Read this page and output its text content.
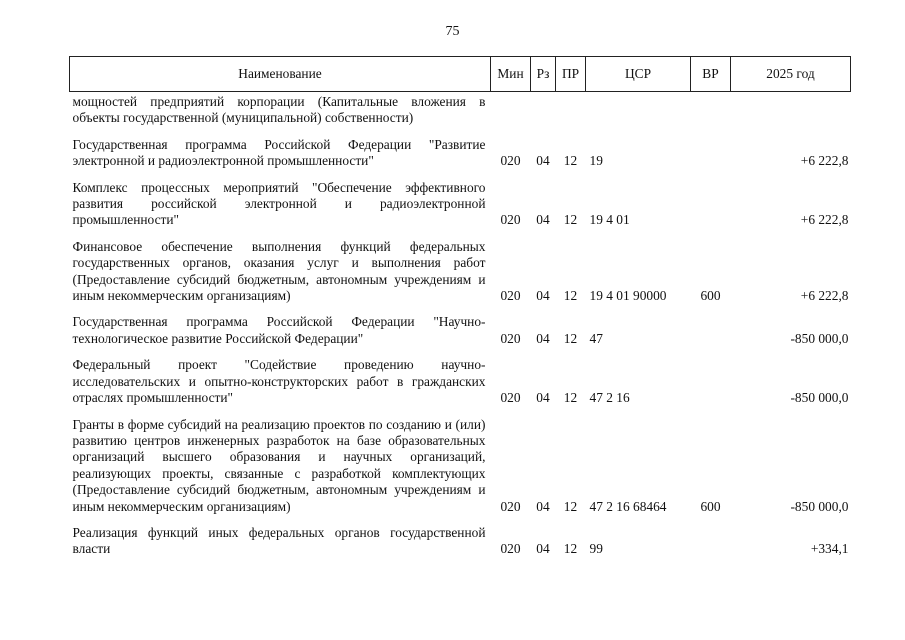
75
Наименование	Мин	Рз	ПР	ЦСР	ВР	2025 год
мощностей предприятий корпорации (Капитальные вложения в объекты государственной (муниципальной) собственности)						
Государственная программа Российской Федерации "Развитие электронной и радиоэлектронной промышленности"	020	04	12	19		+6 222,8
Комплекс процессных мероприятий "Обеспечение эффективного развития российской электронной и радиоэлектронной промышленности"	020	04	12	19 4 01		+6 222,8
Финансовое обеспечение выполнения функций федеральных государственных органов, оказания услуг и выполнения работ (Предоставление субсидий бюджетным, автономным учреждениям и иным некоммерческим организациям)	020	04	12	19 4 01 90000	600	+6 222,8
Государственная программа Российской Федерации "Научно-технологическое развитие Российской Федерации"	020	04	12	47		-850 000,0
Федеральный проект "Содействие проведению научно-исследовательских и опытно-конструкторских работ в гражданских отраслях промышленности"	020	04	12	47 2 16		-850 000,0
Гранты в форме субсидий на реализацию проектов по созданию и (или) развитию центров инженерных разработок на базе образовательных организаций высшего образования и научных организаций, реализующих проекты, связанные с разработкой комплектующих (Предоставление субсидий бюджетным, автономным учреждениям и иным некоммерческим организациям)	020	04	12	47 2 16 68464	600	-850 000,0
Реализация функций иных федеральных органов государственной власти	020	04	12	99		+334,1
